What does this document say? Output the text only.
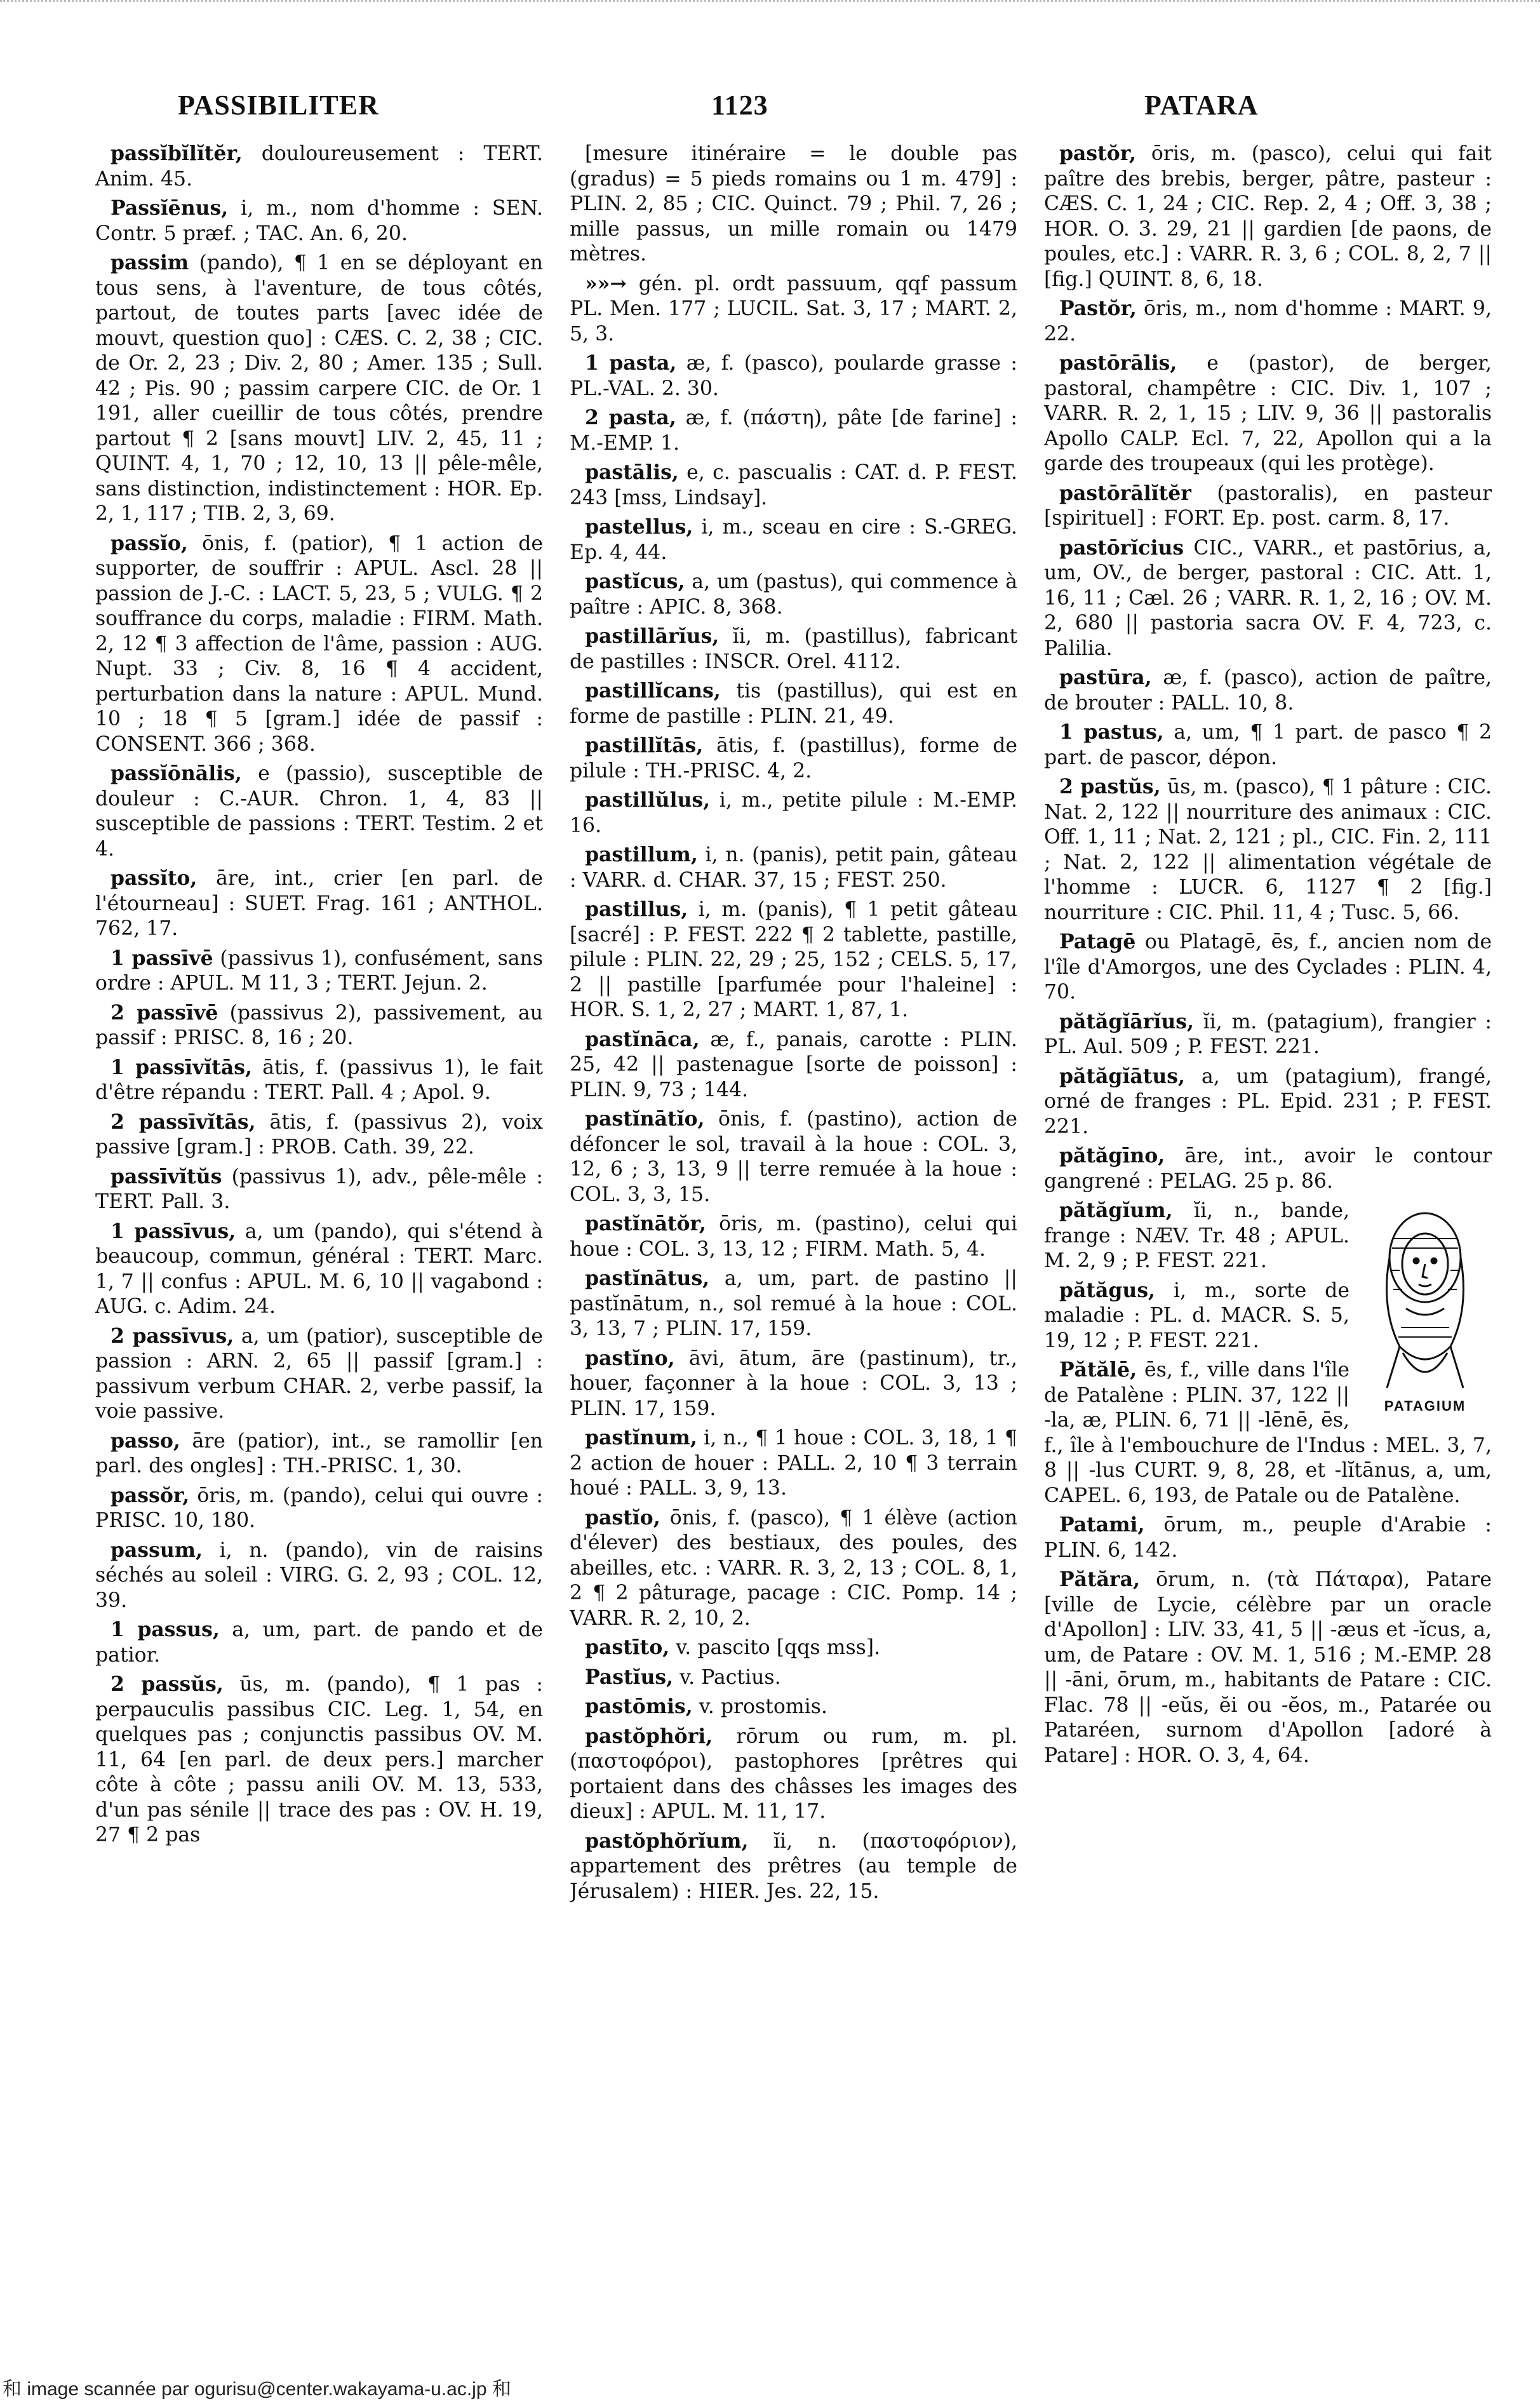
PASSIBILITER	1123	PATARA

passĭbĭlĭtĕr, douloureusement : TERT. Anim. 45.

Passĭēnus, i, m., nom d'homme : SEN. Contr. 5 præf. ; TAC. An. 6, 20.

passim (pando), ¶ 1 en se déployant en tous sens, à l'aventure, de tous côtés, partout, de toutes parts [avec idée de mouvt, question quo] : CÆS. C. 2, 38 ; CIC. de Or. 2, 23 ; Div. 2, 80 ; Amer. 135 ; Sull. 42 ; Pis. 90 ; passim carpere CIC. de Or. 1 191, aller cueillir de tous côtés, prendre partout ¶ 2 [sans mouvt] LIV. 2, 45, 11 ; QUINT. 4, 1, 70 ; 12, 10, 13 || pêle-mêle, sans distinction, indistinctement : HOR. Ep. 2, 1, 117 ; TIB. 2, 3, 69.

passĭo, ōnis, f. (patior), ¶ 1 action de supporter, de souffrir : APUL. Ascl. 28 || passion de J.-C. : LACT. 5, 23, 5 ; VULG. ¶ 2 souffrance du corps, maladie : FIRM. Math. 2, 12 ¶ 3 affection de l'âme, passion : AUG. Nupt. 33 ; Civ. 8, 16 ¶ 4 accident, perturbation dans la nature : APUL. Mund. 10 ; 18 ¶ 5 [gram.] idée de passif : CONSENT. 366 ; 368.

passĭōnālis, e (passio), susceptible de douleur : C.-AUR. Chron. 1, 4, 83 || susceptible de passions : TERT. Testim. 2 et 4.

passĭto, āre, int., crier [en parl. de l'étourneau] : SUET. Frag. 161 ; ANTHOL. 762, 17.

1 passīvē (passivus 1), confusément, sans ordre : APUL. M 11, 3 ; TERT. Jejun. 2.

2 passīvē (passivus 2), passivement, au passif : PRISC. 8, 16 ; 20.

1 passīvĭtās, ātis, f. (passivus 1), le fait d'être répandu : TERT. Pall. 4 ; Apol. 9.

2 passīvĭtās, ātis, f. (passivus 2), voix passive [gram.] : PROB. Cath. 39, 22.

passīvĭtŭs (passivus 1), adv., pêle-mêle : TERT. Pall. 3.

1 passīvus, a, um (pando), qui s'étend à beaucoup, commun, général : TERT. Marc. 1, 7 || confus : APUL. M. 6, 10 || vagabond : AUG. c. Adim. 24.

2 passīvus, a, um (patior), susceptible de passion : ARN. 2, 65 || passif [gram.] : passivum verbum CHAR. 2, verbe passif, la voie passive.

passo, āre (patior), int., se ramollir [en parl. des ongles] : TH.-PRISC. 1, 30.

passŏr, ōris, m. (pando), celui qui ouvre : PRISC. 10, 180.

passum, i, n. (pando), vin de raisins séchés au soleil : VIRG. G. 2, 93 ; COL. 12, 39.

1 passus, a, um, part. de pando et de patior.

2 passŭs, ūs, m. (pando), ¶ 1 pas : perpauculis passibus CIC. Leg. 1, 54, en quelques pas ; conjunctis passibus OV. M. 11, 64 [en parl. de deux pers.] marcher côte à côte ; passu anili OV. M. 13, 533, d'un pas sénile || trace des pas : OV. H. 19, 27 ¶ 2 pas

[mesure itinéraire = le double pas (gradus) = 5 pieds romains ou 1 m. 479] : PLIN. 2, 85 ; CIC. Quinct. 79 ; Phil. 7, 26 ; mille passus, un mille romain ou 1479 mètres.

»»→ gén. pl. ordt passuum, qqf passum PL. Men. 177 ; LUCIL. Sat. 3, 17 ; MART. 2, 5, 3.

1 pasta, æ, f. (pasco), poularde grasse : PL.-VAL. 2. 30.

2 pasta, æ, f. (πάστη), pâte [de farine] : M.-EMP. 1.

pastālis, e, c. pascualis : CAT. d. P. FEST. 243 [mss, Lindsay].

pastellus, i, m., sceau en cire : S.-GREG. Ep. 4, 44.

pastĭcus, a, um (pastus), qui commence à paître : APIC. 8, 368.

pastillārĭus, ĭi, m. (pastillus), fabricant de pastilles : INSCR. Orel. 4112.

pastillĭcans, tis (pastillus), qui est en forme de pastille : PLIN. 21, 49.

pastillĭtās, ātis, f. (pastillus), forme de pilule : TH.-PRISC. 4, 2.

pastillŭlus, i, m., petite pilule : M.-EMP. 16.

pastillum, i, n. (panis), petit pain, gâteau : VARR. d. CHAR. 37, 15 ; FEST. 250.

pastillus, i, m. (panis), ¶ 1 petit gâteau [sacré] : P. FEST. 222 ¶ 2 tablette, pastille, pilule : PLIN. 22, 29 ; 25, 152 ; CELS. 5, 17, 2 || pastille [parfumée pour l'haleine] : HOR. S. 1, 2, 27 ; MART. 1, 87, 1.

pastĭnāca, æ, f., panais, carotte : PLIN. 25, 42 || pastenague [sorte de poisson] : PLIN. 9, 73 ; 144.

pastĭnātĭo, ōnis, f. (pastino), action de défoncer le sol, travail à la houe : COL. 3, 12, 6 ; 3, 13, 9 || terre remuée à la houe : COL. 3, 3, 15.

pastĭnātŏr, ōris, m. (pastino), celui qui houe : COL. 3, 13, 12 ; FIRM. Math. 5, 4.

pastĭnātus, a, um, part. de pastino || pastĭnātum, n., sol remué à la houe : COL. 3, 13, 7 ; PLIN. 17, 159.

pastĭno, āvi, ātum, āre (pastinum), tr., houer, façonner à la houe : COL. 3, 13 ; PLIN. 17, 159.

pastĭnum, i, n., ¶ 1 houe : COL. 3, 18, 1 ¶ 2 action de houer : PALL. 2, 10 ¶ 3 terrain houé : PALL. 3, 9, 13.

pastĭo, ōnis, f. (pasco), ¶ 1 élève (action d'élever) des bestiaux, des poules, des abeilles, etc. : VARR. R. 3, 2, 13 ; COL. 8, 1, 2 ¶ 2 pâturage, pacage : CIC. Pomp. 14 ; VARR. R. 2, 10, 2.

pastīto, v. pascito [qqs mss].

Pastĭus, v. Pactius.

pastōmis, v. prostomis.

pastŏphŏri, rōrum ou rum, m. pl. (παστοφόροι), pastophores [prêtres qui portaient dans des châsses les images des dieux] : APUL. M. 11, 17.

pastŏphŏrĭum, ĭi, n. (παστοφόριον), appartement des prêtres (au temple de Jérusalem) : HIER. Jes. 22, 15.

pastŏr, ōris, m. (pasco), celui qui fait paître des brebis, berger, pâtre, pasteur : CÆS. C. 1, 24 ; CIC. Rep. 2, 4 ; Off. 3, 38 ; HOR. O. 3. 29, 21 || gardien [de paons, de poules, etc.] : VARR. R. 3, 6 ; COL. 8, 2, 7 || [fig.] QUINT. 8, 6, 18.

Pastŏr, ōris, m., nom d'homme : MART. 9, 22.

pastōrālis, e (pastor), de berger, pastoral, champêtre : CIC. Div. 1, 107 ; VARR. R. 2, 1, 15 ; LIV. 9, 36 || pastoralis Apollo CALP. Ecl. 7, 22, Apollon qui a la garde des troupeaux (qui les protège).

pastōrālĭtĕr (pastoralis), en pasteur [spirituel] : FORT. Ep. post. carm. 8, 17.

pastōrĭcius CIC., VARR., et pastōrius, a, um, OV., de berger, pastoral : CIC. Att. 1, 16, 11 ; Cæl. 26 ; VARR. R. 1, 2, 16 ; OV. M. 2, 680 || pastoria sacra OV. F. 4, 723, c. Palilia.

pastūra, æ, f. (pasco), action de paître, de brouter : PALL. 10, 8.

1 pastus, a, um, ¶ 1 part. de pasco ¶ 2 part. de pascor, dépon.

2 pastŭs, ūs, m. (pasco), ¶ 1 pâture : CIC. Nat. 2, 122 || nourriture des animaux : CIC. Off. 1, 11 ; Nat. 2, 121 ; pl., CIC. Fin. 2, 111 ; Nat. 2, 122 || alimentation végétale de l'homme : LUCR. 6, 1127 ¶ 2 [fig.] nourriture : CIC. Phil. 11, 4 ; Tusc. 5, 66.

Patagē ou Platagē, ēs, f., ancien nom de l'île d'Amorgos, une des Cyclades : PLIN. 4, 70.

pătăgĭārĭus, ĭi, m. (patagium), frangier : PL. Aul. 509 ; P. FEST. 221.

pătăgĭātus, a, um (patagium), frangé, orné de franges : PL. Epid. 231 ; P. FEST. 221.

pătăgīno, āre, int., avoir le contour gangrené : PELAG. 25 p. 86.

PATAGIUM

pătăgĭum, ĭi, n., bande, frange : NÆV. Tr. 48 ; APUL. M. 2, 9 ; P. FEST. 221.

pătăgus, i, m., sorte de maladie : PL. d. MACR. S. 5, 19, 12 ; P. FEST. 221.

Pătălē, ēs, f., ville dans l'île de Patalène : PLIN. 37, 122 || -la, æ, PLIN. 6, 71 || -lēnē, ēs, f., île à l'embouchure de l'Indus : MEL. 3, 7, 8 || -lus CURT. 9, 8, 28, et -lĭtānus, a, um, CAPEL. 6, 193, de Patale ou de Patalène.

Patami, ōrum, m., peuple d'Arabie : PLIN. 6, 142.

Pătăra, ōrum, n. (τὰ Πάταρα), Patare [ville de Lycie, célèbre par un oracle d'Apollon] : LIV. 33, 41, 5 || -æus et -ĭcus, a, um, de Patare : OV. M. 1, 516 ; M.-EMP. 28 || -āni, ōrum, m., habitants de Patare : CIC. Flac. 78 || -eŭs, ĕi ou -ĕos, m., Patarée ou Pataréen, surnom d'Apollon [adoré à Patare] : HOR. O. 3, 4, 64.

和 image scannée par ogurisu@center.wakayama-u.ac.jp 和
